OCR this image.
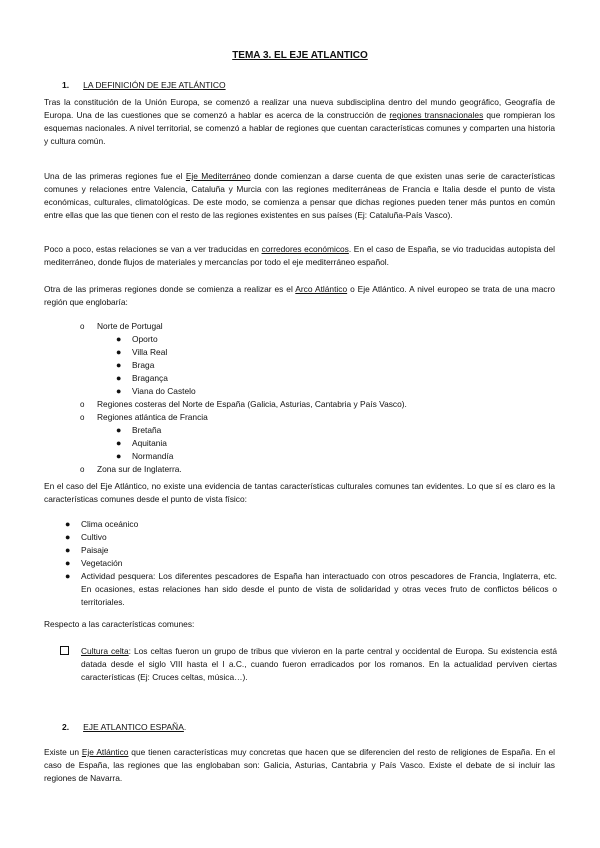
TEMA 3. EL EJE ATLANTICO
1. LA DEFINICIÓN DE EJE ATLÁNTICO

Tras la constitución de la Unión Europa, se comenzó a realizar una nueva subdisciplina dentro del mundo geográfico, Geografía de Europa. Una de las cuestiones que se comenzó a hablar es acerca de la construcción de regiones transnacionales que rompieran los esquemas nacionales. A nivel territorial, se comenzó a hablar de regiones que cuentan características comunes y comparten una historia y cultura común.

Una de las primeras regiones fue el Eje Mediterráneo donde comienzan a darse cuenta de que existen unas serie de características comunes y relaciones entre Valencia, Cataluña y Murcia con las regiones mediterráneas de Francia e Italia desde el punto de vista económicas, culturales, climatológicas. De este modo, se comienza a pensar que dichas regiones pueden tener más puntos en común entre ellas que las que tienen con el resto de las regiones existentes en sus países (Ej: Cataluña-País Vasco).

Poco a poco, estas relaciones se van a ver traducidas en corredores económicos. En el caso de España, se vio traducidas autopista del mediterráneo, donde flujos de materiales y mercancías por todo el eje mediterráneo español.

Otra de las primeras regiones donde se comienza a realizar es el Arco Atlántico o Eje Atlántico. A nivel europeo se trata de una macro región que englobaría:

o Norte de Portugal
● Oporto
● Villa Real
● Braga
● Bragança
● Viana do Castelo
o Regiones costeras del Norte de España (Galicia, Asturias, Cantabria y País Vasco).
o Regiones atlántica de Francia
● Bretaña
● Aquitania
● Normandía
o Zona sur de Inglaterra.

En el caso del Eje Atlántico, no existe una evidencia de tantas características culturales comunes tan evidentes. Lo que sí es claro es la características comunes desde el punto de vista físico:

● Clima oceánico
● Cultivo
● Paisaje
● Vegetación
● Actividad pesquera: Los diferentes pescadores de España han interactuado con otros pescadores de Francia, Inglaterra, etc. En ocasiones, estas relaciones han sido desde el punto de vista de solidaridad y otras veces fruto de conflictos bélicos o territoriales.

Respecto a las características comunes:

Cultura celta: Los celtas fueron un grupo de tribus que vivieron en la parte central y occidental de Europa. Su existencia está datada desde el siglo VIII hasta el I a.C., cuando fueron erradicados por los romanos. En la actualidad perviven ciertas características (Ej: Cruces celtas, música…).
2. EJE ATLANTICO ESPAÑA.

Existe un Eje Atlántico que tienen características muy concretas que hacen que se diferencien del resto de religiones de España. En el caso de España, las regiones que las englobaban son: Galicia, Asturias, Cantabria y País Vasco. Existe el debate de si incluir las regiones de Navarra.
